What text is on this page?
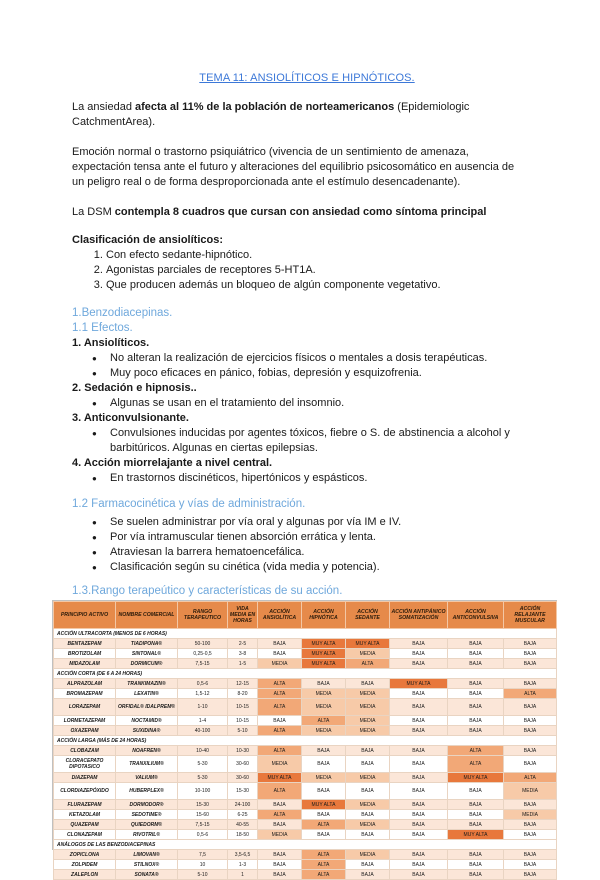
TEMA 11: ANSIOLÍTICOS E HIPNÓTICOS.

La ansiedad afecta al 11% de la población de norteamericanos (Epidemiologic

CatchmentArea).

Emoción normal o trastorno psiquiátrico (vivencia de un sentimiento de amenaza,

expectación tensa ante el futuro y alteraciones del equilibrio psicosomático en ausencia de

un peligro real o de forma desproporcionada ante el estímulo desencadenante).

La DSM contempla 8 cuadros que cursan con ansiedad como síntoma principal

Clasificación de ansiolíticos:

1. Con efecto sedante-hipnótico.
2. Agonistas parciales de receptores 5-HT1A.
3. Que producen además un bloqueo de algún componente vegetativo.

1.Benzodiacepinas.

1.1 Efectos.

1. Ansiolíticos.

● No alteran la realización de ejercicios físicos o mentales a dosis terapéuticas.
● Muy poco eficaces en pánico, fobias, depresión y esquizofrenia.

2. Sedación e hipnosis..

● Algunas se usan en el tratamiento del insomnio.

3. Anticonvulsionante.

● Convulsiones inducidas por agentes tóxicos, fiebre o S. de abstinencia a alcohol y
barbitúricos. Algunas en ciertas epilepsias.

4. Acción miorrelajante a nivel central.

● En trastornos discinéticos, hipertónicos y espásticos.

1.2 Farmacocinética y vías de administración.

● Se suelen administrar por vía oral y algunas por vía IM e IV.
● Por vía intramuscular tienen absorción errática y lenta.
● Atraviesan la barrera hematoencefálica.
● Clasificación según su cinética (vida media y potencia).

1.3.Rango terapeútico y características de su acción.

PRINCIPIO ACTIVO	NOMBRE COMERCIAL	RANGO TERAPEUTICO	VIDA MEDIA EN HORAS	ACCIÓN ANSIOLÍTICA	ACCIÓN HIPNÓTICA	ACCIÓN SEDANTE	ACCIÓN ANTIPÁNICO SOMATIZACIÓN	ACCIÓN ANTICONVULSIVA	ACCIÓN RELAJANTE MUSCULAR
ACCIÓN ULTRACORTA (MENOS DE 6 HORAS)									
BENTAZEPAM	TIADIPONA®	50-100	2-5	BAJA	MUY ALTA	MUY ALTA	BAJA	BAJA	BAJA
BROTIZOLAM	SINTONAL®	0,25-0,5	3-8	BAJA	MUY ALTA	MEDIA	BAJA	BAJA	BAJA
MIDAZOLAM	DORMICUM®	7,5-15	1-5	MEDIA	MUY ALTA	ALTA	BAJA	BAJA	BAJA
ACCIÓN CORTA (DE 6 A 24 HORAS)									
ALPRAZOLAM	TRANKIMAZIN®	0,5-6	12-15	ALTA	BAJA	BAJA	MUY ALTA	BAJA	BAJA
BROMAZEPAM	LEXATIN®	1,5-12	8-20	ALTA	MEDIA	MEDIA	BAJA	BAJA	ALTA
LORAZEPAM	ORFIDAL® IDALPREM®	1-10	10-15	ALTA	MEDIA	MEDIA	BAJA	BAJA	BAJA
LORMETAZEPAM	NOCTAMID®	1-4	10-15	BAJA	ALTA	MEDIA	BAJA	BAJA	BAJA
OXAZEPAM	SUXIDINA®	40-100	5-10	ALTA	MEDIA	MEDIA	BAJA	BAJA	BAJA
ACCIÓN LARGA (MÁS DE 24 HORAS)									
CLOBAZAM	NOAFREN®	10-40	10-30	ALTA	BAJA	BAJA	BAJA	ALTA	BAJA
CLORACEPATO DIPOTASICO	TRANXILIUM®	5-30	30-60	MEDIA	BAJA	BAJA	BAJA	ALTA	BAJA
DIAZEPAM	VALIUM®	5-30	30-60	MUY ALTA	MEDIA	MEDIA	BAJA	MUY ALTA	ALTA
CLORDIAZEPÓXIDO	HUBERPLEX®	10-100	15-30	ALTA	BAJA	BAJA	BAJA	BAJA	MEDIA
FLURAZEPAM	DORMODOR®	15-30	24-100	BAJA	MUY ALTA	MEDIA	BAJA	BAJA	BAJA
KETAZOLAM	SEDOTIME®	15-60	6-25	ALTA	BAJA	BAJA	BAJA	BAJA	MEDIA
QUAZEPAM	QUIEDORM®	7,5-15	40-55	BAJA	ALTA	MEDIA	BAJA	BAJA	BAJA
CLONAZEPAM	RIVOTRIL®	0,5-6	18-50	MEDIA	BAJA	BAJA	BAJA	MUY ALTA	BAJA
ANÁLOGOS DE LAS BENZODIACEPINAS									
ZOPICLONA	LIMOVAN®	7,5	3,5-6,5	BAJA	ALTA	MEDIA	BAJA	BAJA	BAJA
ZOLPIDEM	STILNOX®	10	1-3	BAJA	ALTA	BAJA	BAJA	BAJA	BAJA
ZALEPLON	SONATA®	5-10	1	BAJA	ALTA	BAJA	BAJA	BAJA	BAJA
